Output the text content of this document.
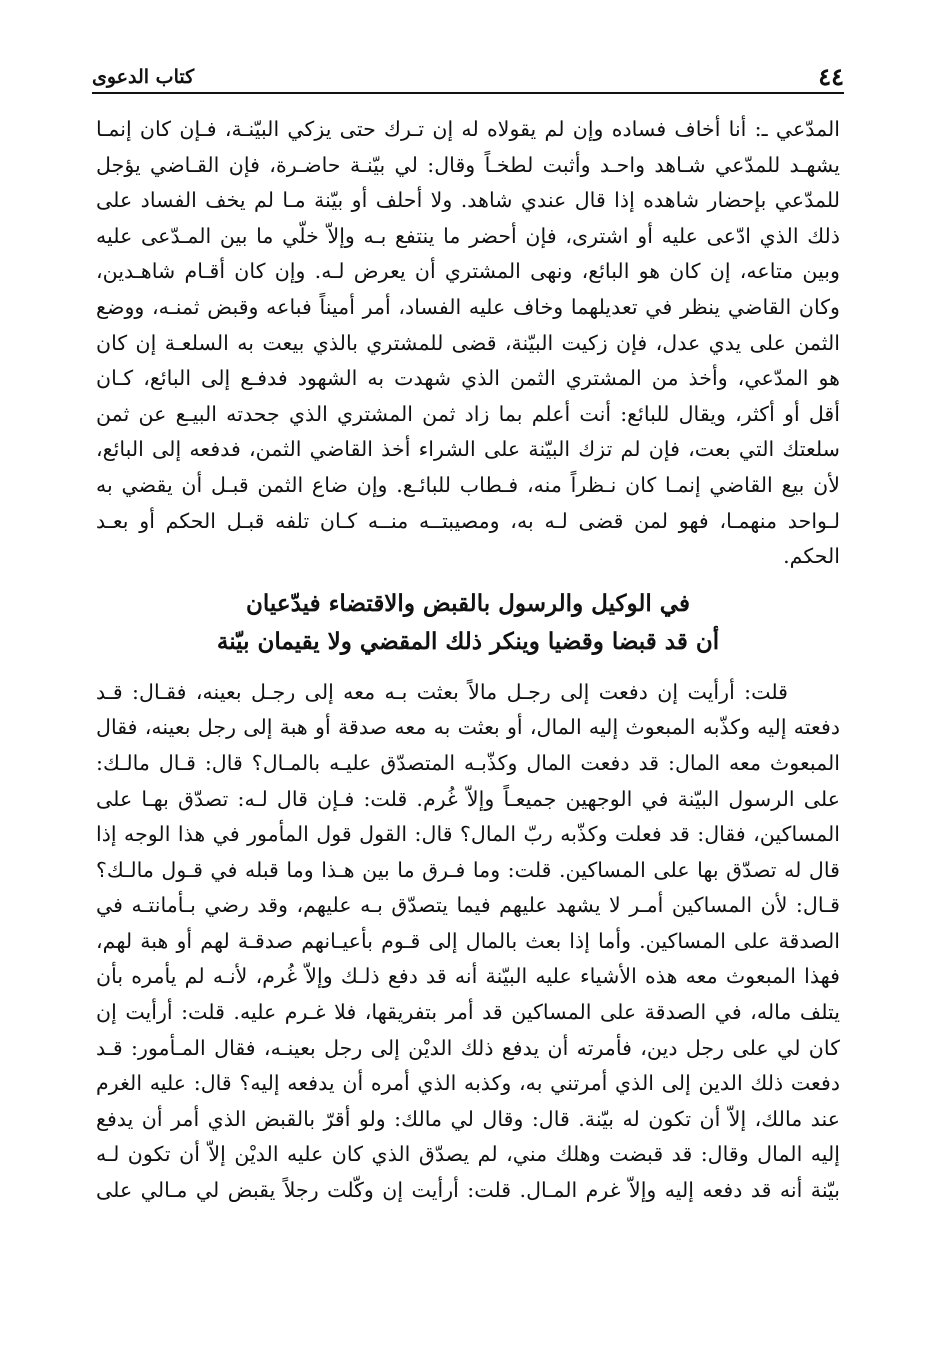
٤٤
كتاب الدعوى
المدّعي ـ: أنا أخاف فساده وإن لم يقولاه له إن تـرك حتى يزكي البيّنـة، فـإن كان إنمـا
يشهـد للمدّعي شـاهد واحـد وأثبت لطخـاً وقال: لي بيّنـة حاضـرة، فإن القـاضي يؤجل
للمدّعي بإحضار شاهده إذا قال عندي شاهد. ولا أحلف أو بيّنة مـا لم يخف الفساد على
ذلك الذي ادّعى عليه أو اشترى، فإن أحضر ما ينتفع بـه وإلاّ خلّي ما بين المـدّعى عليه
وبين متاعه، إن كان هو البائع، ونهى المشتري أن يعرض لـه. وإن كان أقـام شاهـدين،
وكان القاضي ينظر في تعديلهما وخاف عليه الفساد، أمر أميناً فباعه وقبض ثمنـه، ووضع
الثمن على يدي عدل، فإن زكيت البيّنة، قضى للمشتري بالذي بيعت به السلعـة إن كان
هو المدّعي، وأخذ من المشتري الثمن الذي شهدت به الشهود فدفـع إلى البائع، كـان
أقل أو أكثر، ويقال للبائع: أنت أعلم بما زاد ثمن المشتري الذي جحدته البيـع عن ثمن
سلعتك التي بعت، فإن لم تزك البيّنة على الشراء أخذ القاضي الثمن، فدفعه إلى البائع،
لأن بيع القاضي إنمـا كان نـظراً منه، فـطاب للبائـع. وإن ضاع الثمن قبـل أن يقضي به
لـواحد منهمـا، فهو لمن قضى لـه به، ومصيبتــه منــه كـان تلفه قبـل الحكم أو بعـد
الحكم.
في الوكيل والرسول بالقبض والاقتضاء فيدّعيان
أن قد قبضا وقضيا وينكر ذلك المقضي ولا يقيمان بيّنة
قلت: أرأيت إن دفعت إلى رجـل مالاً بعثت بـه معه إلى رجـل بعينه، فقـال: قـد
دفعته إليه وكذّبه المبعوث إليه المال، أو بعثت به معه صدقة أو هبة إلى رجل بعينه، فقال
المبعوث معه المال: قد دفعت المال وكذّبـه المتصدّق عليـه بالمـال؟ قال: قـال مالـك:
على الرسول البيّنة في الوجهين جميعـاً وإلاّ غُرم. قلت: فـإن قال لـه: تصدّق بهـا على
المساكين، فقال: قد فعلت وكذّبه ربّ المال؟ قال: القول قول المأمور في هذا الوجه إذا
قال له تصدّق بها على المساكين. قلت: وما فـرق ما بين هـذا وما قبله في قـول مالـك؟
قـال: لأن المساكين أمـر لا يشهد عليهم فيما يتصدّق بـه عليهم، وقد رضي بـأمانتـه في
الصدقة على المساكين. وأما إذا بعث بالمال إلى قـوم بأعيـانهم صدقـة لهم أو هبة لهم،
فهذا المبعوث معه هذه الأشياء عليه البيّنة أنه قد دفع ذلـك وإلاّ غُرم، لأنـه لم يأمره بأن
يتلف ماله، في الصدقة على المساكين قد أمر بتفريقها، فلا غـرم عليه. قلت: أرأيت إن
كان لي على رجل دين، فأمرته أن يدفع ذلك الديْن إلى رجل بعينـه، فقال المـأمور: قـد
دفعت ذلك الدين إلى الذي أمرتني به، وكذبه الذي أمره أن يدفعه إليه؟ قال: عليه الغرم
عند مالك، إلاّ أن تكون له بيّنة. قال: وقال لي مالك: ولو أقرّ بالقبض الذي أمر أن يدفع
إليه المال وقال: قد قبضت وهلك مني، لم يصدّق الذي كان عليه الديْن إلاّ أن تكون لـه
بيّنة أنه قد دفعه إليه وإلاّ غرم المـال. قلت: أرأيت إن وكّلت رجلاً يقبض لي مـالي على
